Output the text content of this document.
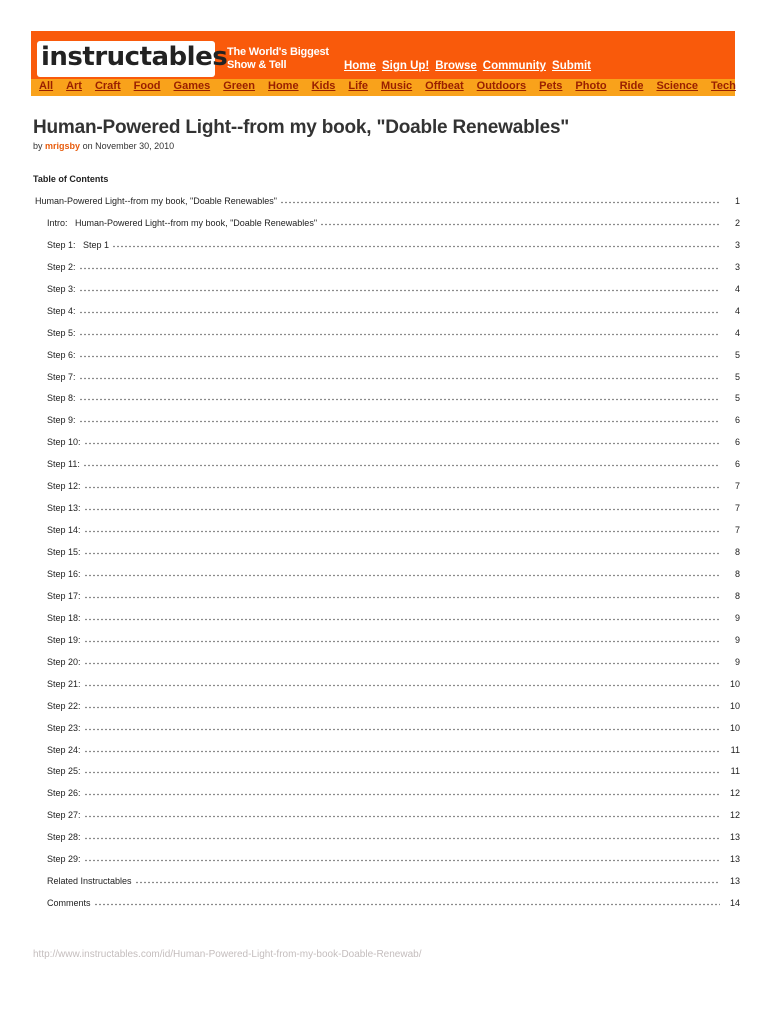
instructables The World's Biggest
Show & Tell	Home Sign Up! Browse Community Submit
All Art Craft Food Games Green Home Kids Life Music Offbeat Outdoors Pets Photo Ride Science Tech
Human-Powered Light--from my book, "Doable Renewables"
by mrigsby on November 30, 2010
Table of Contents
Human-Powered Light--from my book, "Doable Renewables"	1
Intro:   Human-Powered Light--from my book, "Doable Renewables"	2
Step 1:   Step 1	3
Step 2:	3
Step 3:	4
Step 4:	4
Step 5:	4
Step 6:	5
Step 7:	5
Step 8:	5
Step 9:	6
Step 10:	6
Step 11:	6
Step 12:	7
Step 13:	7
Step 14:	7
Step 15:	8
Step 16:	8
Step 17:	8
Step 18:	9
Step 19:	9
Step 20:	9
Step 21:	10
Step 22:	10
Step 23:	10
Step 24:	11
Step 25:	11
Step 26:	12
Step 27:	12
Step 28:	13
Step 29:	13
Related Instructables	13
Comments	14
http://www.instructables.com/id/Human-Powered-Light-from-my-book-Doable-Renewab/
